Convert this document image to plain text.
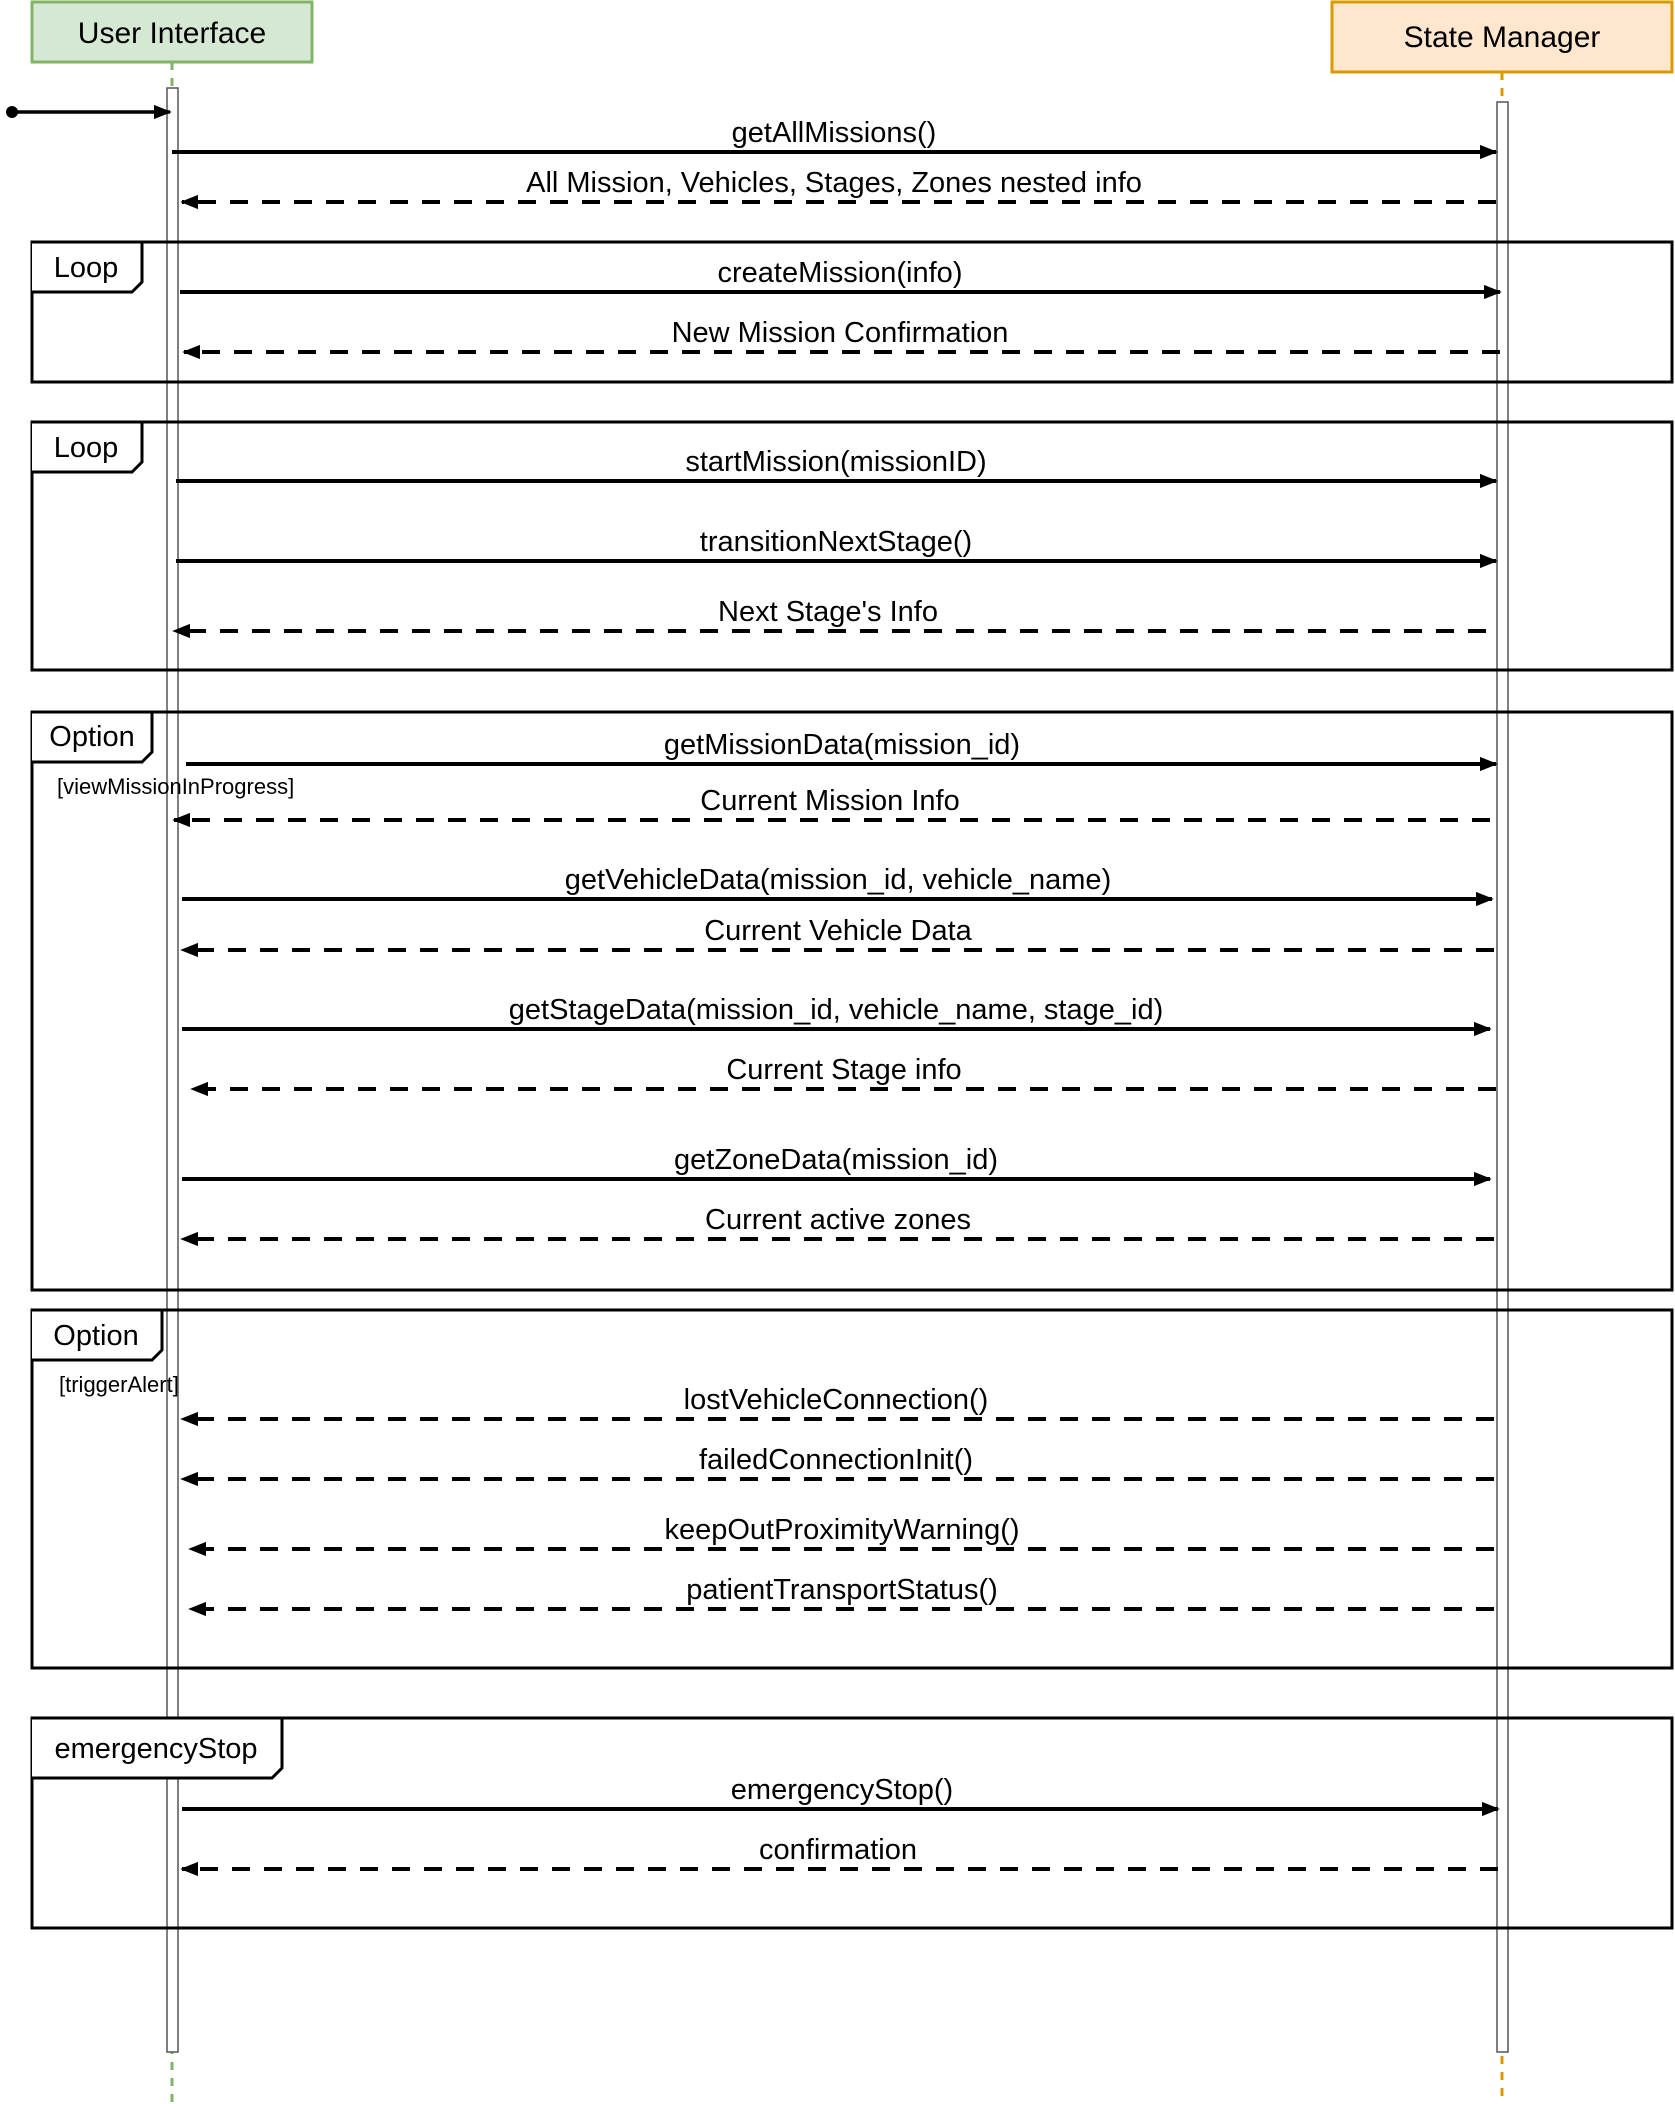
User Interface	State Manager
getAllMissions()
All Mission, Vehicles, Stages, Zones nested info
Loop	createMission(info)
New Mission Confirmation
Loop	startMission(missionID)
transitionNextStage()
Next Stage's Info
Option
[viewMissionInProgress]
getMissionData(mission_id)
Current Mission Info
getVehicleData(mission_id, vehicle_name)
Current Vehicle Data
getStageData(mission_id, vehicle_name, stage_id)
Current Stage info
getZoneData(mission_id)
Current active zones
Option
[triggerAlert]	lostVehicleConnection()
failedConnectionInit()
keepOutProximityWarning()
patientTransportStatus()
emergencyStop
emergencyStop()
confirmation
